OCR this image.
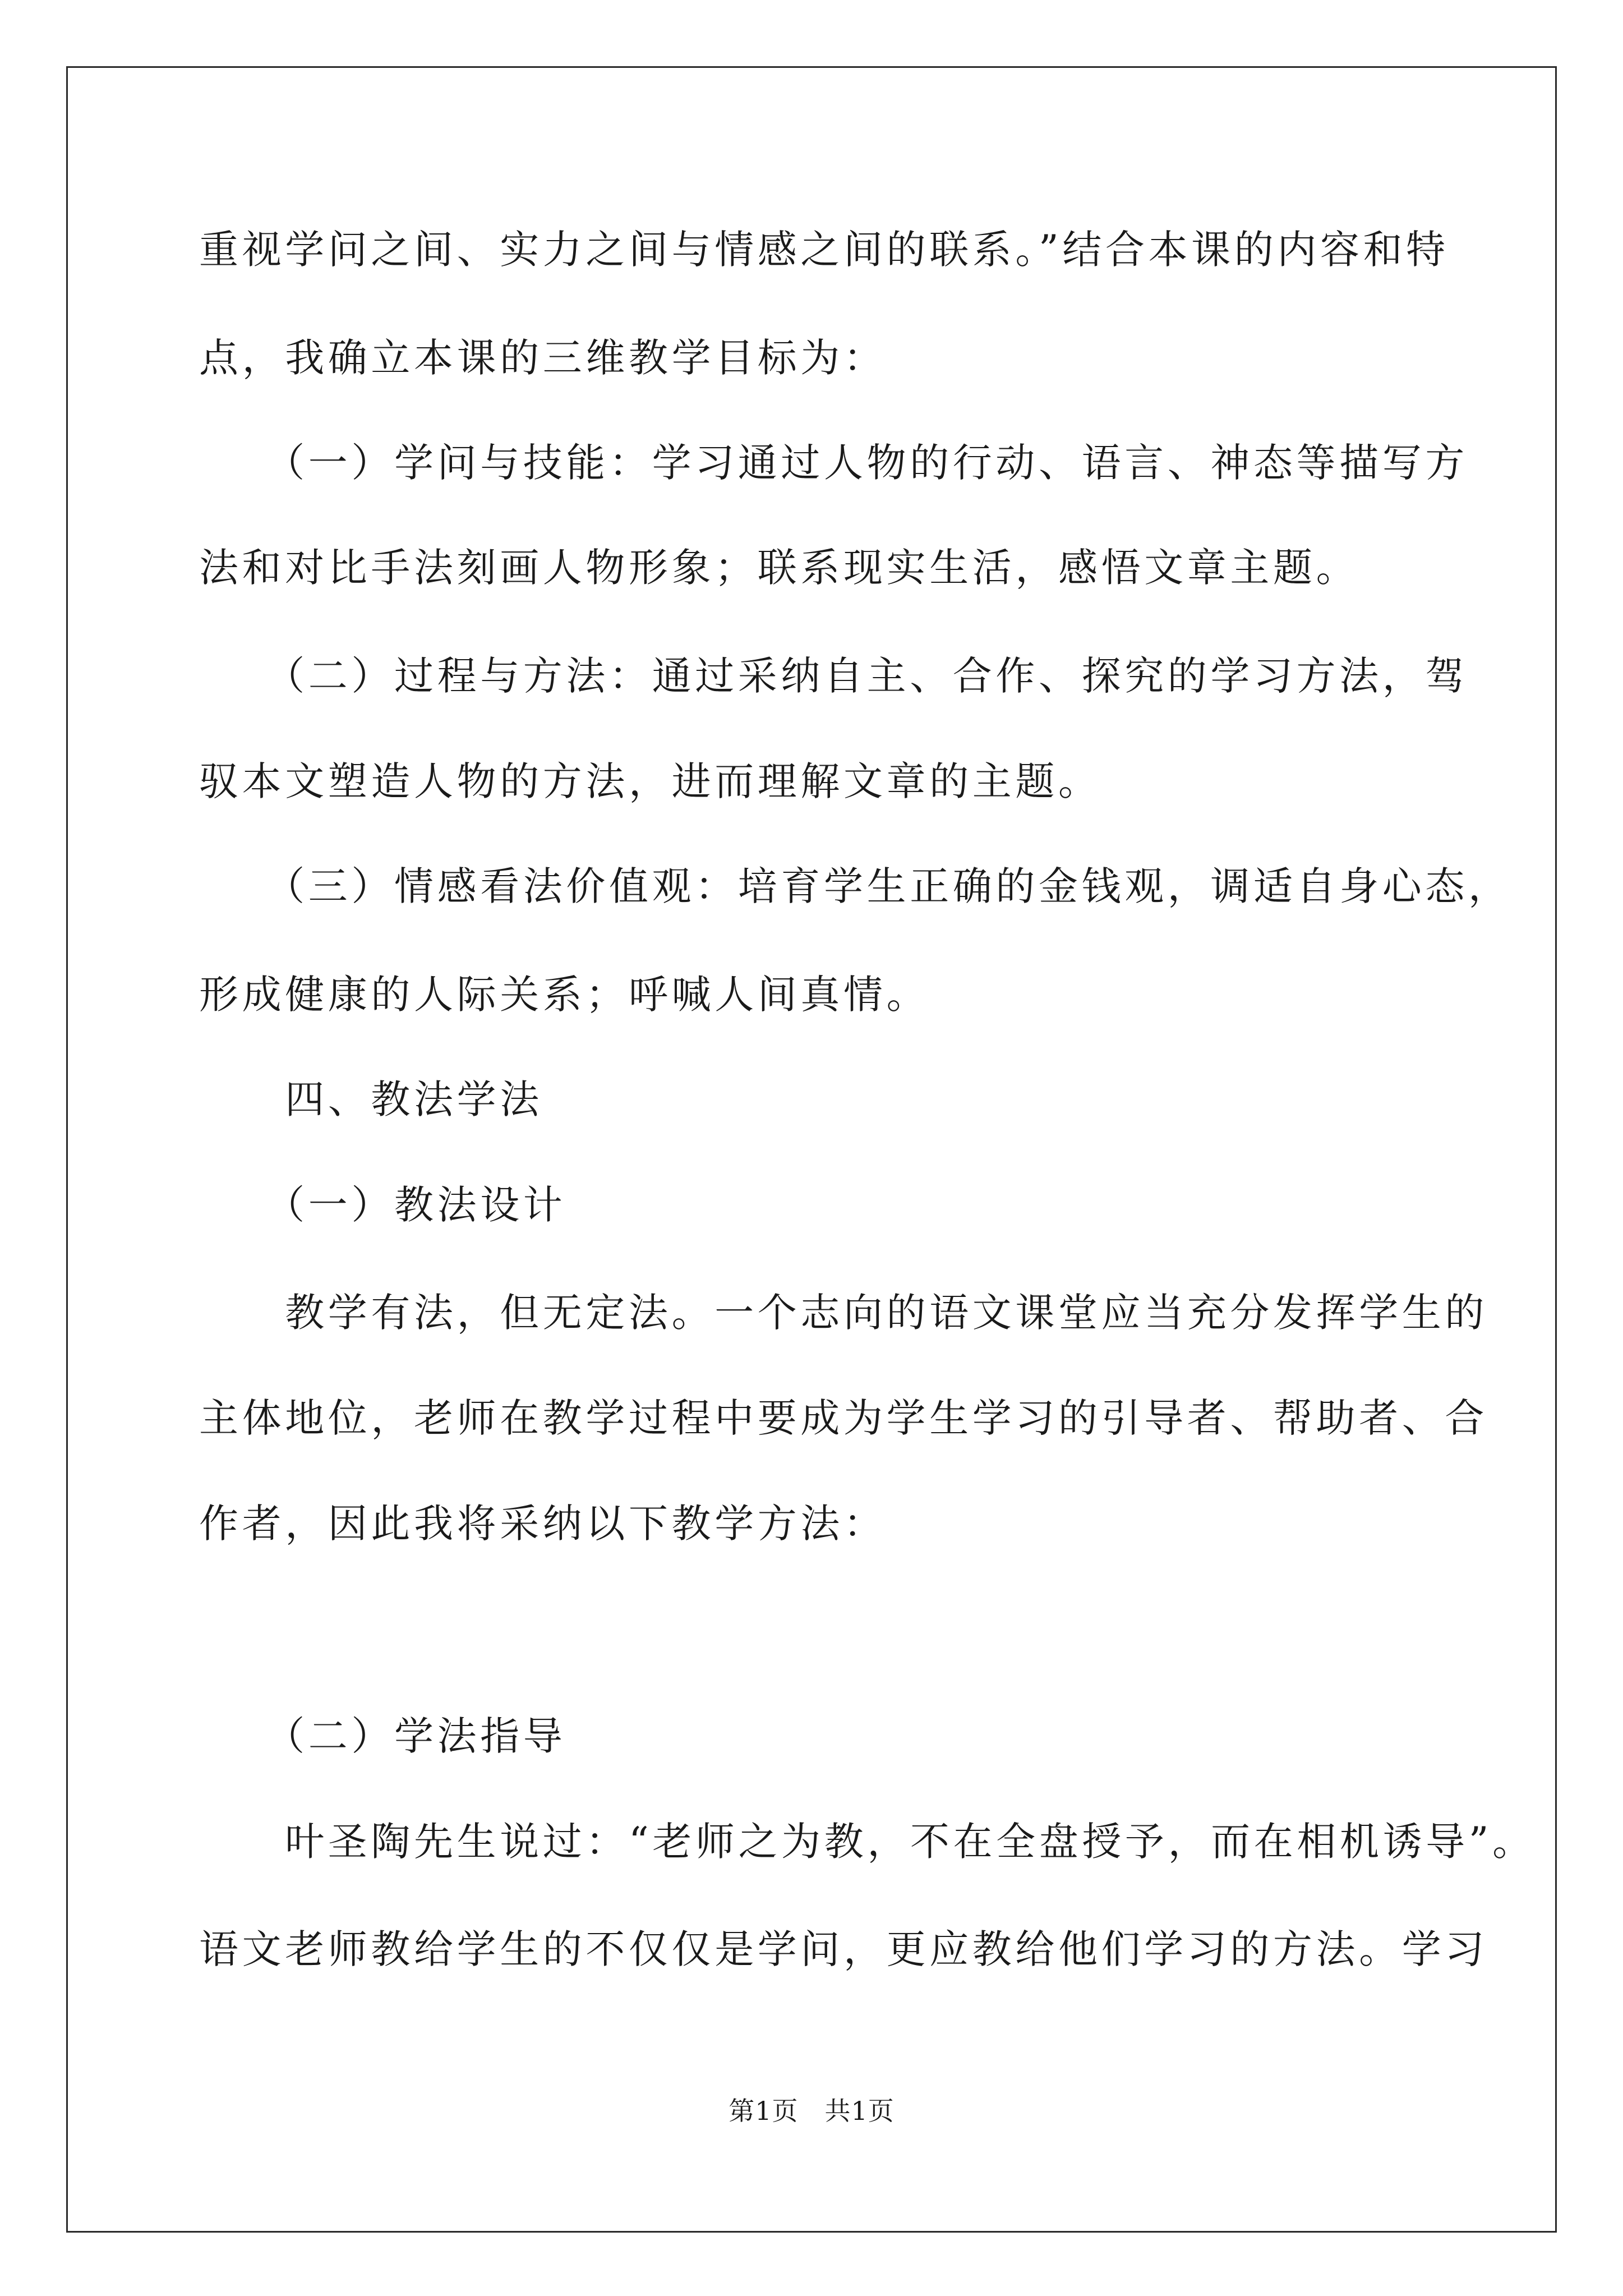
重视学问之间、实力之间与情感之间的联系。”结合本课的内容和特

点，我确立本课的三维教学目标为：

　　（一）学问与技能：学习通过人物的行动、语言、神态等描写方

法和对比手法刻画人物形象；联系现实生活，感悟文章主题。

　　（二）过程与方法：通过采纳自主、合作、探究的学习方法，驾

驭本文塑造人物的方法，进而理解文章的主题。

　　（三）情感看法价值观：培育学生正确的金钱观，调适自身心态，

形成健康的人际关系；呼喊人间真情。

　　四、教法学法

　　（一）教法设计

　　教学有法，但无定法。一个志向的语文课堂应当充分发挥学生的

主体地位，老师在教学过程中要成为学生学习的引导者、帮助者、合

作者，因此我将采纳以下教学方法：

　　（二）学法指导

　　叶圣陶先生说过：“老师之为教，不在全盘授予，而在相机诱导”。

语文老师教给学生的不仅仅是学问，更应教给他们学习的方法。学习

第1页　共1页
